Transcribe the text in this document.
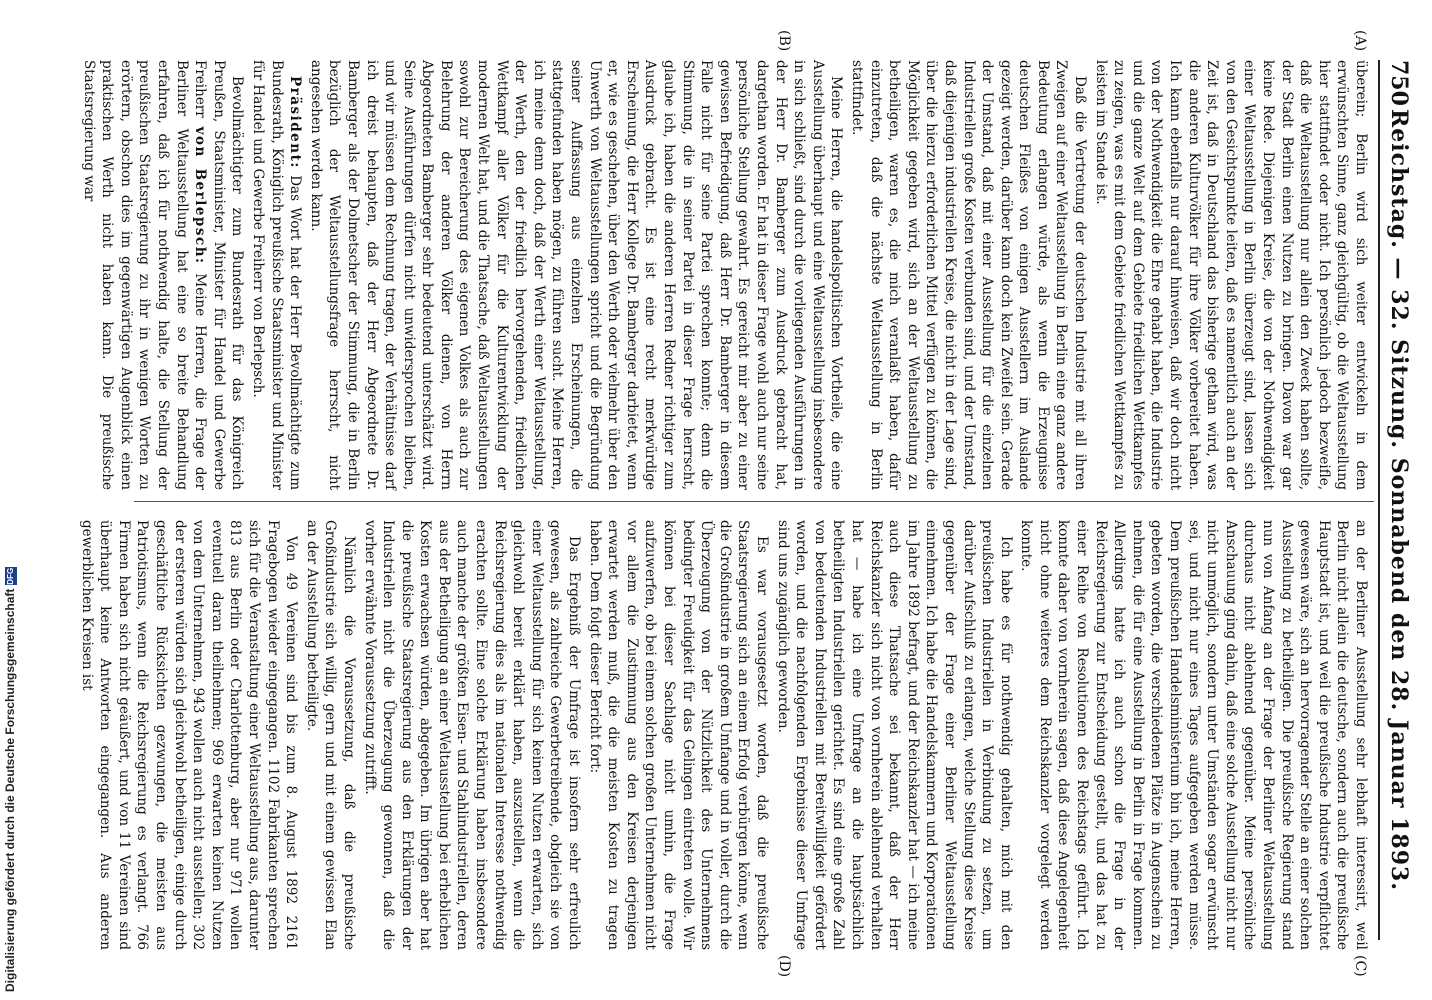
750
Reichstag. — 32. Sitzung. Sonnabend den 28. Januar 1893.
(A)
(B)
(C)
(D)

überein; Berlin wird sich weiter entwickeln in dem erwünschten Sinne, ganz gleichgültig, ob die Weltausstellung hier stattfindet oder nicht. Ich persönlich jedoch bezweifle, daß die Weltausstellung nur allein den Zweck haben sollte, der Stadt Berlin einen Nutzen zu bringen. Davon war gar keine Rede. Diejenigen Kreise, die von der Nothwendigkeit einer Weltausstellung in Berlin überzeugt sind, lassen sich von den Gesichtspunkte leiten, daß es namentlich auch an der Zeit ist, daß in Deutschland das bisherige gethan wird, was die anderen Kulturvölker für ihre Völker vorbereitet haben. Ich kann ebenfalls nur darauf hinweisen, daß wir doch nicht von der Nothwendigkeit die Ehre gehabt haben, die Industrie und die ganze Welt auf dem Gebiete friedlichen Wettkampfes zu zeigen, was es mit dem Gebiete friedlichen Wettkampfes zu leisten im Stande ist.

Daß die Vertretung der deutschen Industrie mit all ihren Zweigen auf einer Weltausstellung in Berlin eine ganz andere Bedeutung erlangen würde, als wenn die Erzeugnisse deutschen Fleißes von einigen Ausstellern im Auslande gezeigt werden, darüber kann doch kein Zweifel sein. Gerade der Umstand, daß mit einer Ausstellung für die einzelnen Industriellen große Kosten verbunden sind, und der Umstand, daß diejenigen industriellen Kreise, die nicht in der Lage sind, über die hierzu erforderlichen Mittel verfügen zu können, die Möglichkeit gegeben wird, sich an der Weltausstellung zu betheiligen, waren es, die mich veranlaßt haben, dafür einzutreten, daß die nächste Weltausstellung in Berlin stattfindet.

Meine Herren, die handelspolitischen Vortheile, die eine Ausstellung überhaupt und eine Weltausstellung insbesondere in sich schließt, sind durch die vorliegenden Ausführungen in der Herr Dr. Bamberger zum Ausdruck gebracht hat, dargethan worden. Er hat in dieser Frage wohl auch nur seine persönliche Stellung gewahrt. Es gereicht mir aber zu einer gewissen Befriedigung, daß Herr Dr. Bamberger in diesem Falle nicht für seine Partei sprechen konnte; denn die Stimmung, die in seiner Partei in dieser Frage herrscht, glaube ich, haben die anderen Herren Redner richtiger zum Ausdruck gebracht. Es ist eine recht merkwürdige Erscheinung, die Herr Kollege Dr. Bamberger darbietet, wenn er, wie es geschehen, über den Werth oder vielmehr über den Unwerth von Weltausstellungen spricht und die Begründung seiner Auffassung aus einzelnen Erscheinungen, die stattgefunden haben mögen, zu führen sucht. Meine Herren, ich meine denn doch, daß der Werth einer Weltausstellung, der Werth, den der friedlich hervorgehenden, friedlichen Wettkampf aller Völker für die Kulturentwicklung der modernen Welt hat, und die Thatsache, daß Weltausstellungen sowohl zur Bereicherung des eigenen Volkes als auch zur Belehrung der anderen Völker dienen, von Herrn Abgeordneten Bamberger sehr bedeutend unterschätzt wird. Seine Ausführungen dürfen nicht unwidersprochen bleiben, und wir müssen dem Rechnung tragen, der Verhältnisse darf ich dreist behaupten, daß der Herr Abgeordnete Dr. Bamberger als der Dolmetscher der Stimmung, die in Berlin bezüglich der Weltausstellungsfrage herrscht, nicht angesehen werden kann.

Präsident: Das Wort hat der Herr Bevollmächtigte zum Bundesrath, Königlich preußische Staatsminister und Minister für Handel und Gewerbe Freiherr von Berlepsch.

Bevollmächtigter zum Bundesrath für das Königreich Preußen, Staatsminister, Minister für Handel und Gewerbe Freiherr von Berlepsch: Meine Herren, die Frage der Berliner Weltausstellung hat eine so breite Behandlung erfahren, daß ich für nothwendig halte, die Stellung der preußischen Staatsregierung zu ihr in wenigen Worten zu erörtern, obschon dies im gegenwärtigen Augenblick einen praktischen Werth nicht haben kann. Die preußische Staatsregierung war

an der Berliner Ausstellung sehr lebhaft interessirt, weil Berlin nicht allein die deutsche, sondern auch die preußische Hauptstadt ist, und weil die preußische Industrie verpflichtet gewesen wäre, sich an hervorragender Stelle an einer solchen Ausstellung zu betheiligen. Die preußische Regierung stand nun von Anfang an der Frage der Berliner Weltausstellung durchaus nicht ablehnend gegenüber. Meine persönliche Anschauung ging dahin, daß eine solche Ausstellung nicht nur nicht unmöglich, sondern unter Umständen sogar erwünscht sei, und nicht nur eines Tages aufgegeben werden müsse. Dem preußischen Handelsministerium bin ich, meine Herren, gebeten worden, die verschiedenen Plätze in Augenschein zu nehmen, die für eine Ausstellung in Berlin in Frage kommen. Allerdings hatte ich auch schon die Frage in der Reichsregierung zur Entscheidung gestellt, und das hat zu einer Reihe von Resolutionen des Reichstags geführt. Ich konnte daher von vornherein sagen, daß diese Angelegenheit nicht ohne weiteres dem Reichskanzler vorgelegt werden konnte.

Ich habe es für nothwendig gehalten, mich mit den preußischen Industriellen in Verbindung zu setzen, um darüber Aufschluß zu erlangen, welche Stellung diese Kreise gegenüber der Frage einer Berliner Weltausstellung einnehmen. Ich habe die Handelskammern und Korporationen im Jahre 1892 befragt, und der Reichskanzler hat — ich meine auch diese Thatsache sei bekannt, daß der Herr Reichskanzler sich nicht von vornherein ablehnend verhalten hat — habe ich eine Umfrage an die hauptsächlich betheiligten Industriellen gerichtet. Es sind eine große Zahl von bedeutenden Industriellen mit Bereitwilligkeit gefördert worden, und die nachfolgenden Ergebnisse dieser Umfrage sind uns zugänglich geworden.

Es war vorausgesetzt worden, daß die preußische Staatsregierung sich an einem Erfolg verbürgen könne, wenn die Großindustrie in großem Umfange und in voller, durch die Überzeugung von der Nützlichkeit des Unternehmens bedingter Freudigkeit für das Gelingen eintreten wolle. Wir können bei dieser Sachlage nicht umhin, die Frage aufzuwerfen, ob bei einem solchen großen Unternehmen nicht vor allem die Zustimmung aus den Kreisen derjenigen erwartet werden muß, die die meisten Kosten zu tragen haben. Dem folgt dieser Bericht fort:

Das Ergebniß der Umfrage ist insofern sehr erfreulich gewesen, als zahlreiche Gewerbetreibende, obgleich sie von einer Weltausstellung für sich keinen Nutzen erwarten, sich gleichwohl bereit erklärt haben, auszustellen, wenn die Reichsregierung dies als im nationalen Interesse nothwendig erachten sollte. Eine solche Erklärung haben insbesondere auch manche der größten Eisen- und Stahlindustriellen, deren aus der Betheiligung an einer Weltausstellung bei erheblichen Kosten erwachsen würden, abgegeben. Im übrigen aber hat die preußische Staatsregierung aus den Erklärungen der Industriellen nicht die Überzeugung gewonnen, daß die vorher erwähnte Voraussetzung zutrifft.

Nämlich die Voraussetzung, daß die preußische Großindustrie sich willig, gern und mit einem gewissen Elan an der Ausstellung betheiligte.

Von 49 Vereinen sind bis zum 8. August 1892 2161 Fragebogen wieder eingegangen. 1102 Fabrikanten sprechen sich für die Veranstaltung einer Weltausstellung aus, darunter 813 aus Berlin oder Charlottenburg, aber nur 971 wollen eventuell daran theilnehmen; 969 erwarten keinen Nutzen von dem Unternehmen, 943 wollen auch nicht ausstellen; 302 der ersteren würden sich gleichwohl betheiligen, einige durch geschäftliche Rücksichten gezwungen, die meisten aus Patriotismus, wenn die Reichsregierung es verlangt. 766 Firmen haben sich nicht geäußert, und von 11 Vereinen sind überhaupt keine Antworten eingegangen. Aus anderen gewerblichen Kreisen ist

Digitalisierung gefördert durch die Deutsche Forschungsgemeinschaft DFG
